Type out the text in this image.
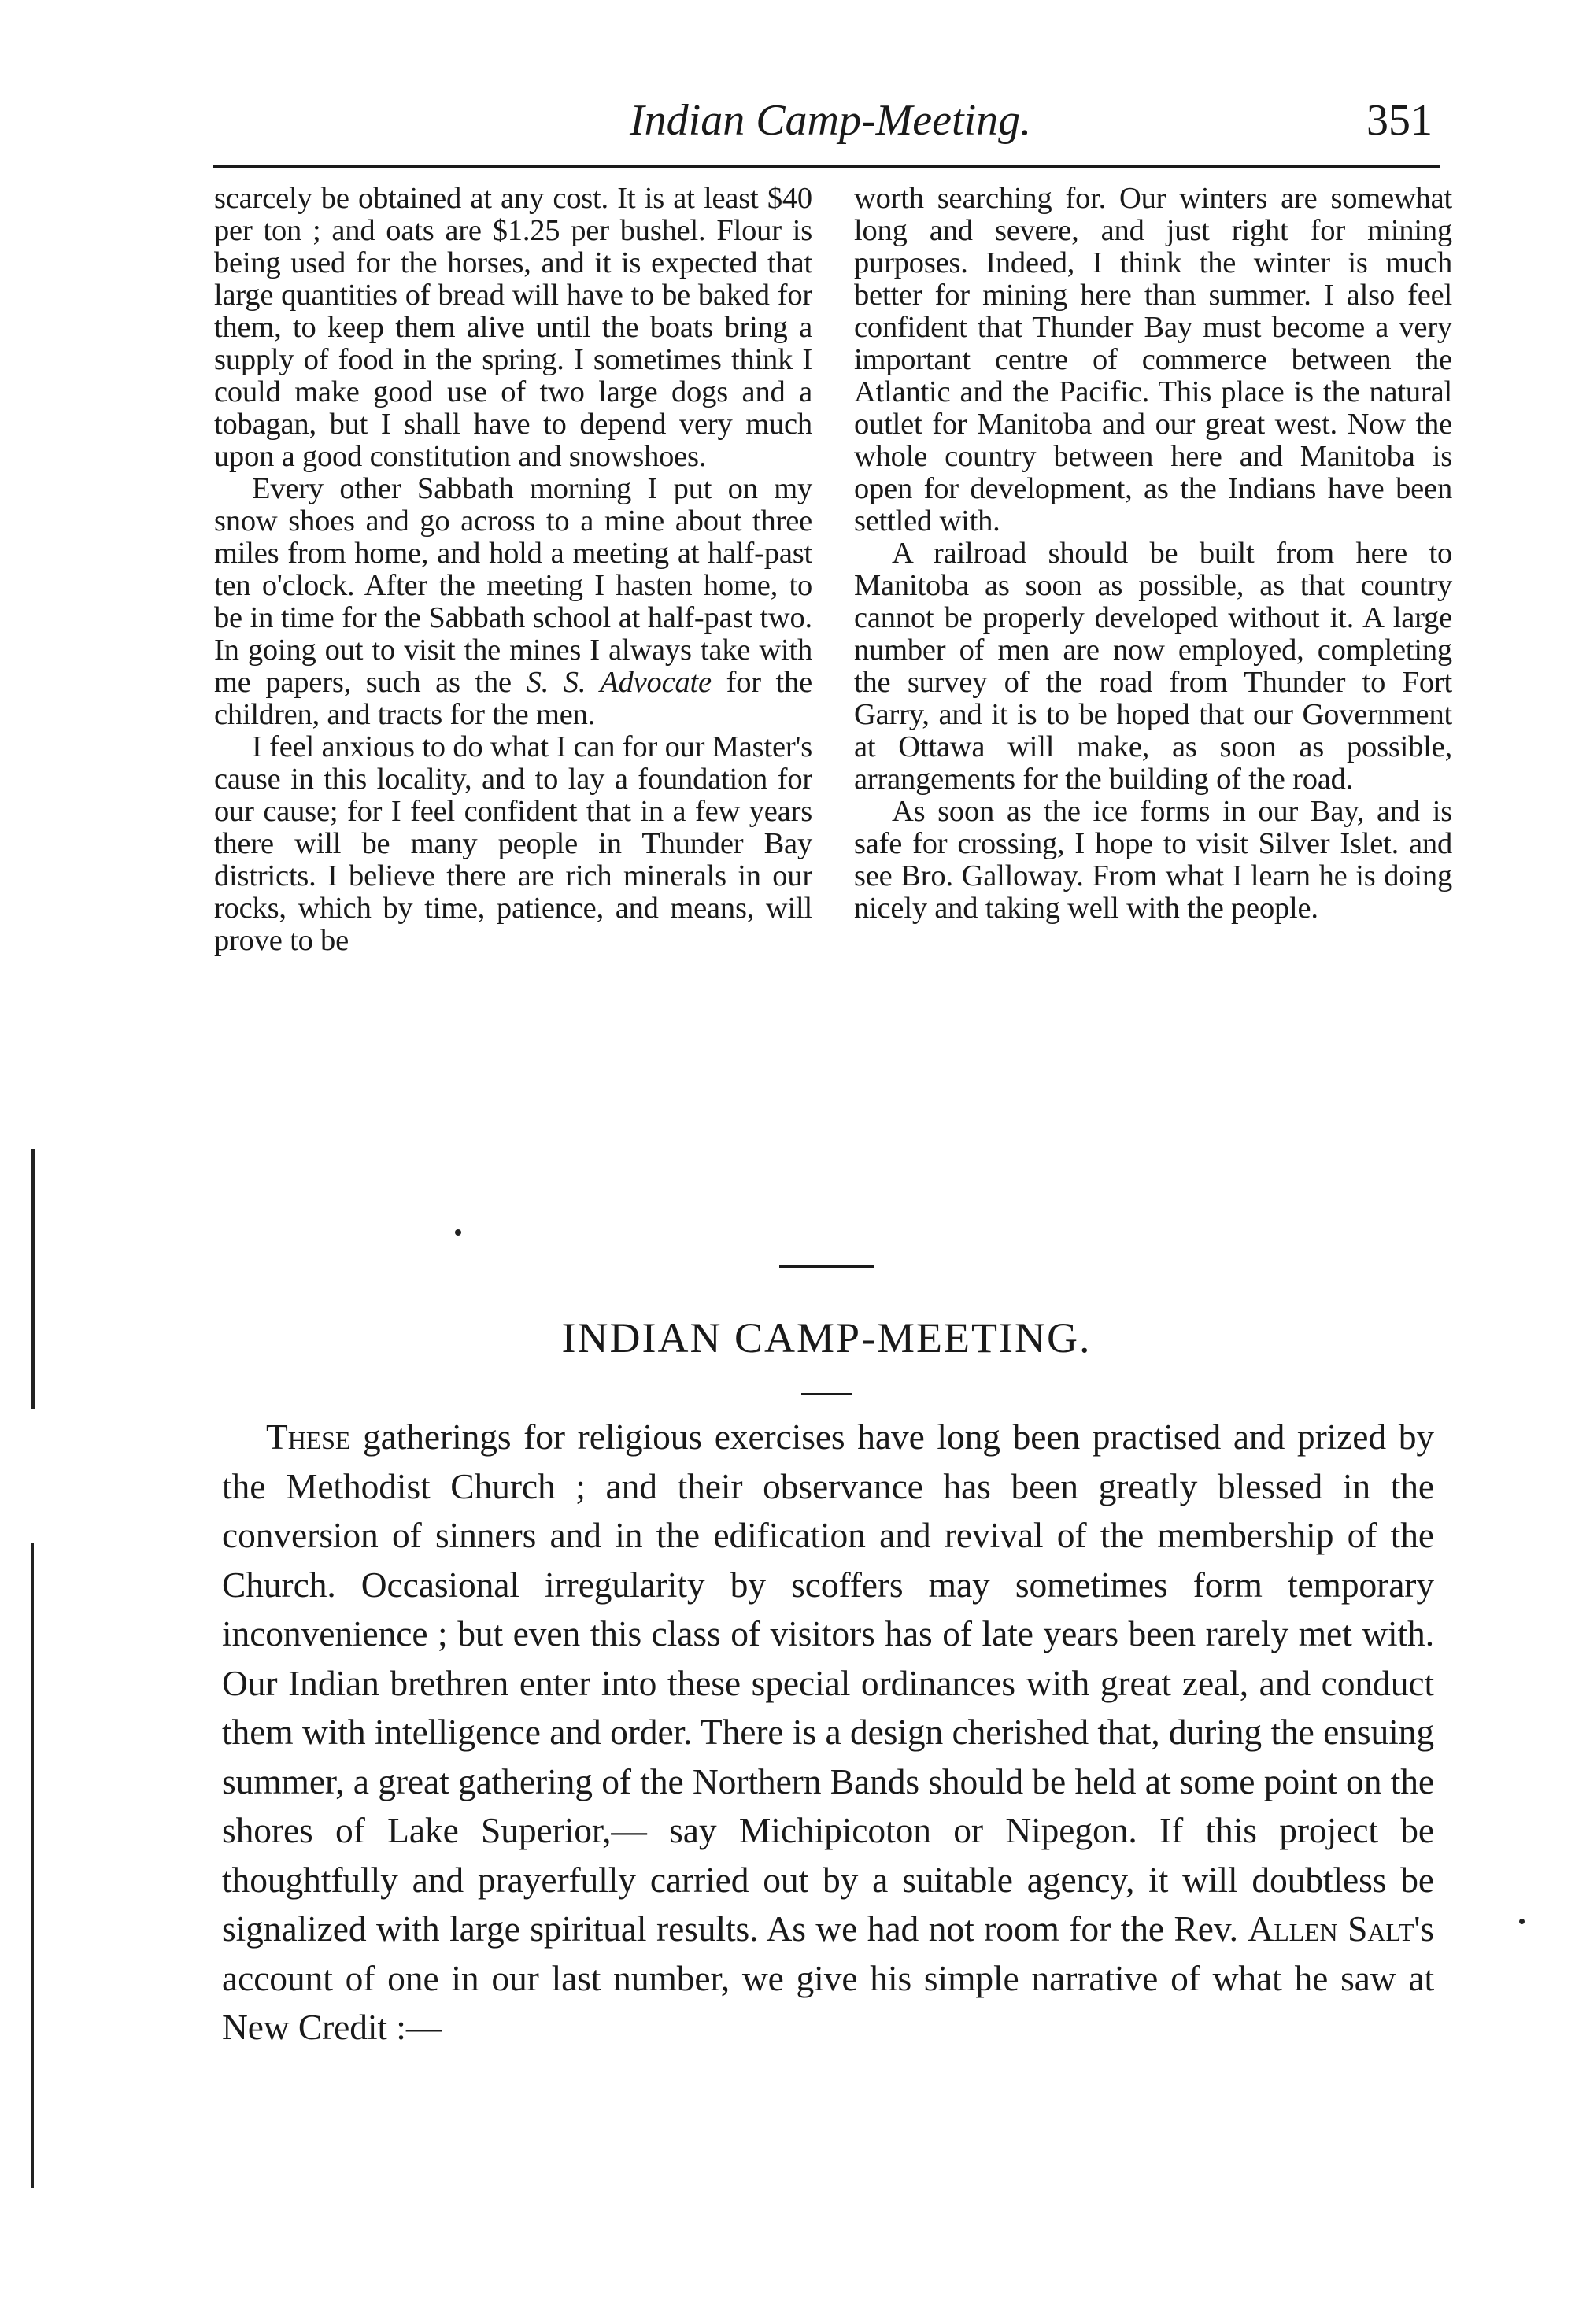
Indian Camp-Meeting.	351

scarcely be obtained at any cost. It is at least $40 per ton ; and oats are $1.25 per bushel. Flour is being used for the horses, and it is expected that large quantities of bread will have to be baked for them, to keep them alive until the boats bring a supply of food in the spring. I sometimes think I could make good use of two large dogs and a tobagan, but I shall have to depend very much upon a good constitution and snowshoes.

Every other Sabbath morning I put on my snow shoes and go across to a mine about three miles from home, and hold a meeting at half-past ten o'clock. After the meeting I hasten home, to be in time for the Sabbath school at half-past two. In going out to visit the mines I always take with me papers, such as the S. S. Advocate for the children, and tracts for the men.

I feel anxious to do what I can for our Master's cause in this locality, and to lay a foundation for our cause; for I feel confident that in a few years there will be many people in Thunder Bay districts. I believe there are rich minerals in our rocks, which by time, patience, and means, will prove to be

worth searching for. Our winters are somewhat long and severe, and just right for mining purposes. Indeed, I think the winter is much better for mining here than summer. I also feel confident that Thunder Bay must become a very important centre of commerce between the Atlantic and the Pacific. This place is the natural outlet for Manitoba and our great west. Now the whole country between here and Manitoba is open for development, as the Indians have been settled with.

A railroad should be built from here to Manitoba as soon as possible, as that country cannot be properly developed without it. A large number of men are now employed, completing the survey of the road from Thunder to Fort Garry, and it is to be hoped that our Government at Ottawa will make, as soon as possible, arrangements for the building of the road.

As soon as the ice forms in our Bay, and is safe for crossing, I hope to visit Silver Islet. and see Bro. Galloway. From what I learn he is doing nicely and taking well with the people.

INDIAN CAMP-MEETING.

These gatherings for religious exercises have long been practised and prized by the Methodist Church ; and their observance has been greatly blessed in the conversion of sinners and in the edification and revival of the membership of the Church. Occasional irregularity by scoffers may sometimes form temporary inconvenience ; but even this class of visitors has of late years been rarely met with. Our Indian brethren enter into these special ordinances with great zeal, and conduct them with intelligence and order. There is a design cherished that, during the ensuing summer, a great gathering of the Northern Bands should be held at some point on the shores of Lake Superior,— say Michipicoton or Nipegon. If this project be thoughtfully and prayerfully carried out by a suitable agency, it will doubtless be signalized with large spiritual results. As we had not room for the Rev. Allen Salt's account of one in our last number, we give his simple narrative of what he saw at New Credit :—
